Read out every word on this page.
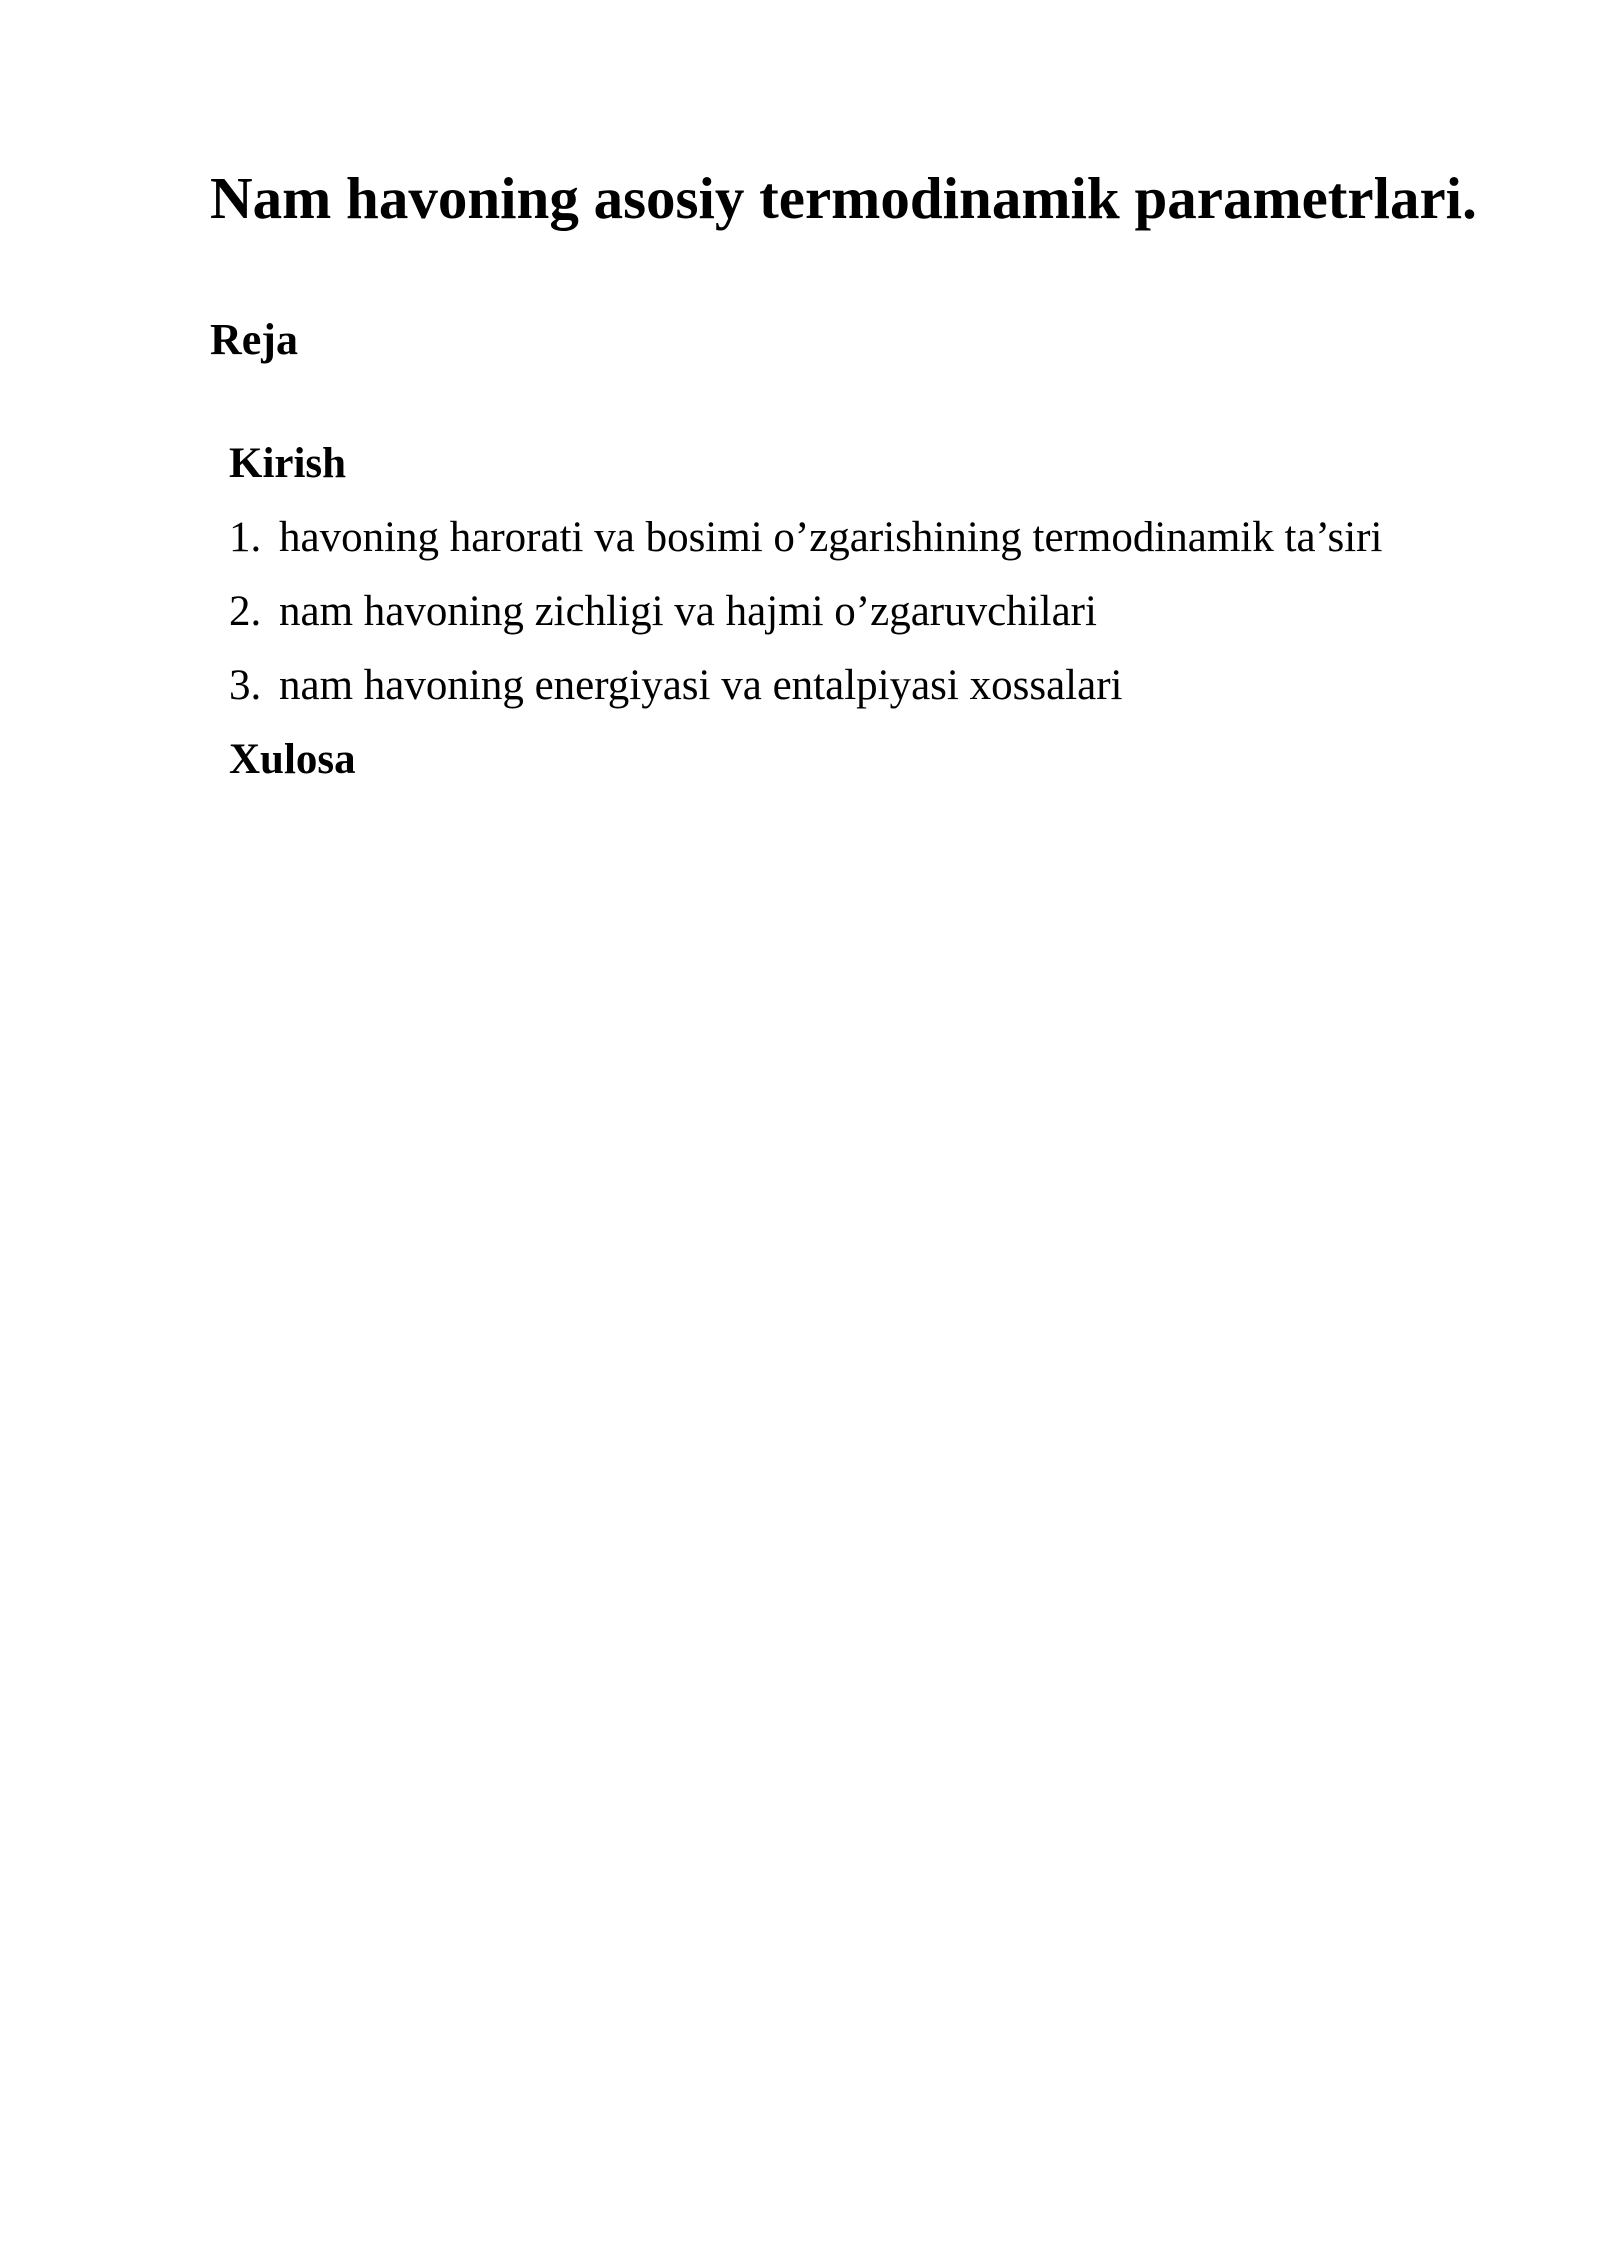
Nam havoning asosiy termodinamik parametrlari.
Reja
Kirish
1. havoning harorati va bosimi o’zgarishining termodinamik ta’siri
2. nam havoning zichligi va hajmi o’zgaruvchilari
3. nam havoning energiyasi va entalpiyasi xossalari
Xulosa
